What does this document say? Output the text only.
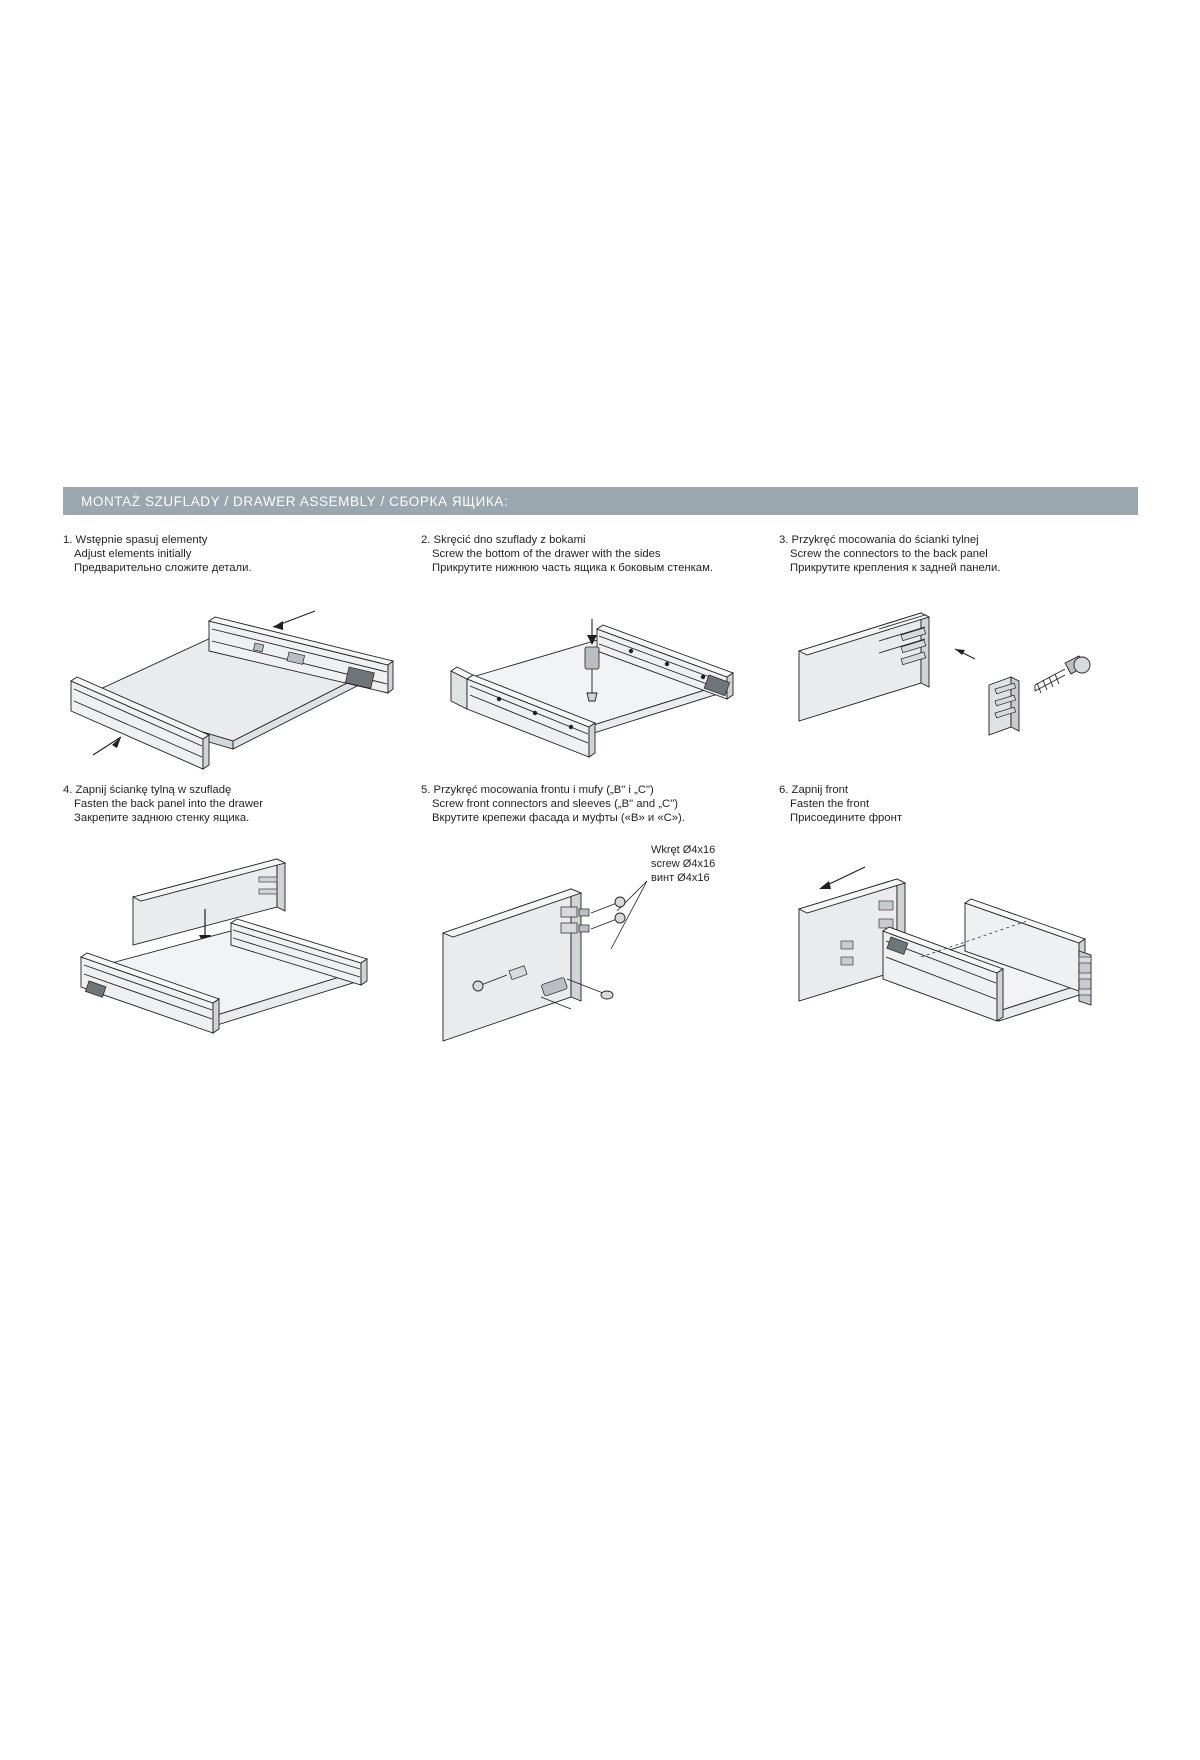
MONTAŻ SZUFLADY / DRAWER ASSEMBLY / СБОРКА ЯЩИКА:
1. Wstępnie spasuj elementy
Adjust elements initially
Предварительно сложите детали.
2. Skręcić dno szuflady z bokami
Screw the bottom of the drawer with the sides
Прикрутите нижнюю часть ящика к боковым стенкам.
3. Przykręć mocowania do ścianki tylnej
Screw the connectors to the back panel
Прикрутите крепления к задней панели.
4. Zapnij ściankę tylną w szufladę
Fasten the back panel into the drawer
Закрепите заднюю стенку ящика.
5. Przykręć mocowania frontu i mufy („B" i „C")
Screw front connectors and sleeves („B" and „C")
Вкрутите крепежи фасада и муфты («B» и «C»).
Wkręt Ø4x16
screw Ø4x16
винт Ø4x16
6. Zapnij front
Fasten the front
Присоедините фронт
